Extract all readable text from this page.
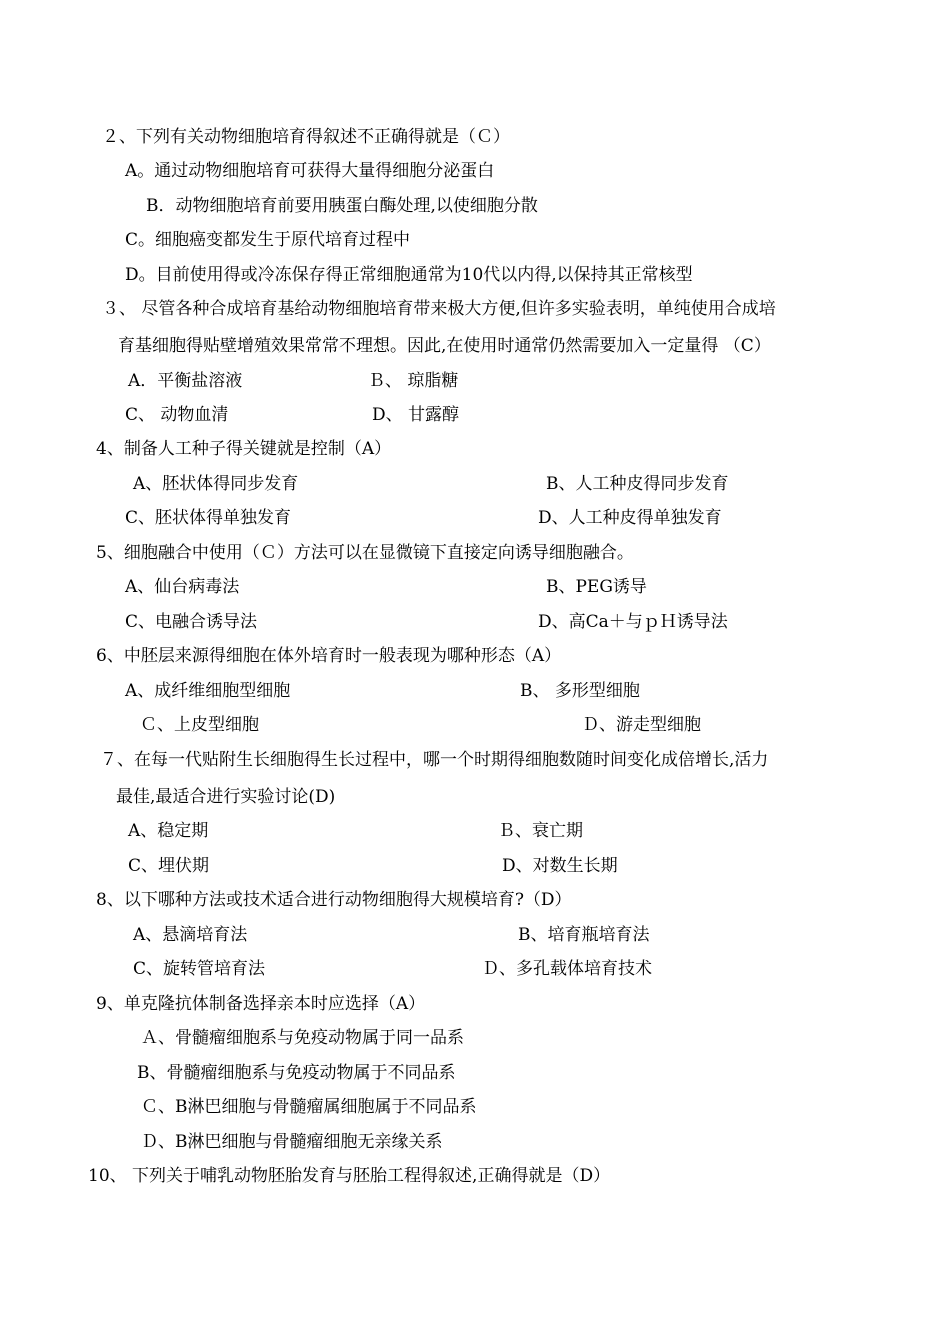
２、下列有关动物细胞培育得叙述不正确得就是（Ｃ）
A。通过动物细胞培育可获得大量得细胞分泌蛋白
B．动物细胞培育前要用胰蛋白酶处理,以使细胞分散
C。细胞癌变都发生于原代培育过程中
D。目前使用得或冷冻保存得正常细胞通常为10代以内得,以保持其正常核型
３、 尽管各种合成培育基给动物细胞培育带来极大方便,但许多实验表明，单纯使用合成培
育基细胞得贴壁增殖效果常常不理想。因此,在使用时通常仍然需要加入一定量得 （C）
A．平衡盐溶液	Ｂ、 琼脂糖
C、 动物血清	D、 甘露醇
4、制备人工种子得关键就是控制（A）
A、胚状体得同步发育	B、人工种皮得同步发育
C、胚状体得单独发育	D、人工种皮得单独发育
5、细胞融合中使用（Ｃ）方法可以在显微镜下直接定向诱导细胞融合。
A、仙台病毒法	B、PEG诱导
C、电融合诱导法	D、高Ca＋与ｐＨ诱导法
6、中胚层来源得细胞在体外培育时一般表现为哪种形态（A）
A、成纤维细胞型细胞	B、 多形型细胞
Ｃ、上皮型细胞	Ｄ、游走型细胞
７、在每一代贴附生长细胞得生长过程中，哪一个时期得细胞数随时间变化成倍增长,活力
最佳,最适合进行实验讨论(D)
A、稳定期	Ｂ、衰亡期
C、埋伏期	D、对数生长期
8、以下哪种方法或技术适合进行动物细胞得大规模培育?（D）
A、悬滴培育法	B、培育瓶培育法
C、旋转管培育法	Ｄ、多孔载体培育技术
9、单克隆抗体制备选择亲本时应选择（A）
Ａ、骨髓瘤细胞系与免疫动物属于同一品系
B、骨髓瘤细胞系与免疫动物属于不同品系
Ｃ、B淋巴细胞与骨髓瘤属细胞属于不同品系
Ｄ、B淋巴细胞与骨髓瘤细胞无亲缘关系
10、 下列关于哺乳动物胚胎发育与胚胎工程得叙述,正确得就是（D）
